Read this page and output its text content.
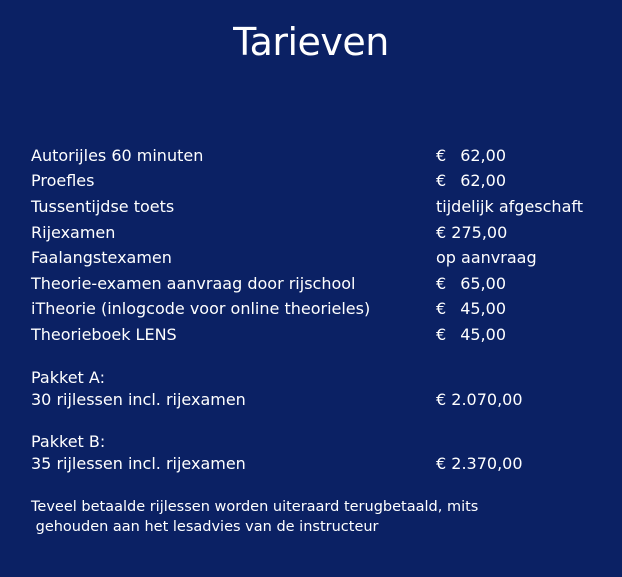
Tarieven
Autorijles 60 minuten	€ 62,00
Proefles	€ 62,00
Tussentijdse toets	tijdelijk afgeschaft
Rijexamen	€ 275,00
Faalangstexamen	op aanvraag
Theorie-examen aanvraag door rijschool	€ 65,00
iTheorie (inlogcode voor online theorieles)	€ 45,00
Theorieboek LENS	€ 45,00
Pakket A:
30 rijlessen incl. rijexamen	€ 2.070,00
Pakket B:
35 rijlessen incl. rijexamen	€ 2.370,00
Teveel betaalde rijlessen worden uiteraard terugbetaald, mits
gehouden aan het lesadvies van de instructeur
